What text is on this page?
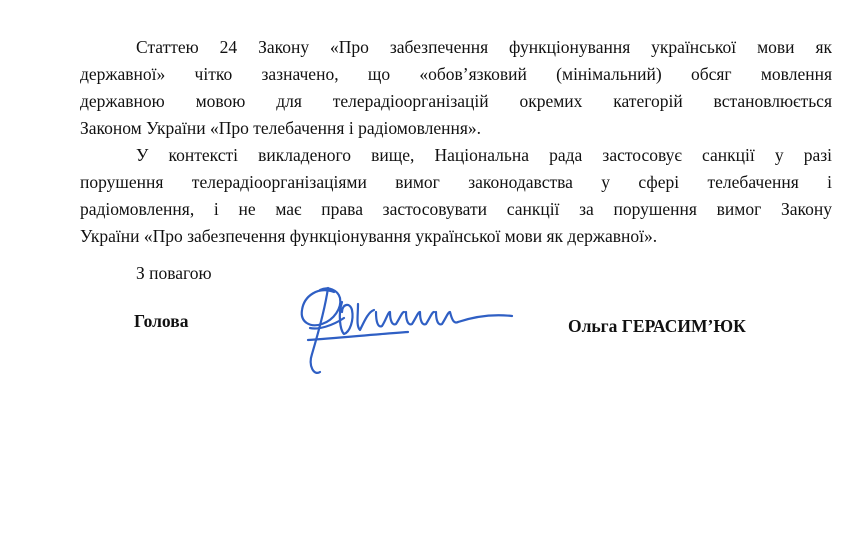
Статтею 24 Закону «Про забезпечення функціонування української мови як
державної» чітко зазначено, що «обов’язковий (мінімальний) обсяг мовлення
державною мовою для телерадіоорганізацій окремих категорій встановлюється
Законом України «Про телебачення і радіомовлення».
У контексті викладеного вище, Національна рада застосовує санкції у разі
порушення телерадіоорганізаціями вимог законодавства у сфері телебачення і
радіомовлення, і не має права застосовувати санкції за порушення вимог Закону
України «Про забезпечення функціонування української мови як державної».
З повагою
Голова	Ольга ГЕРАСИМ’ЮК
